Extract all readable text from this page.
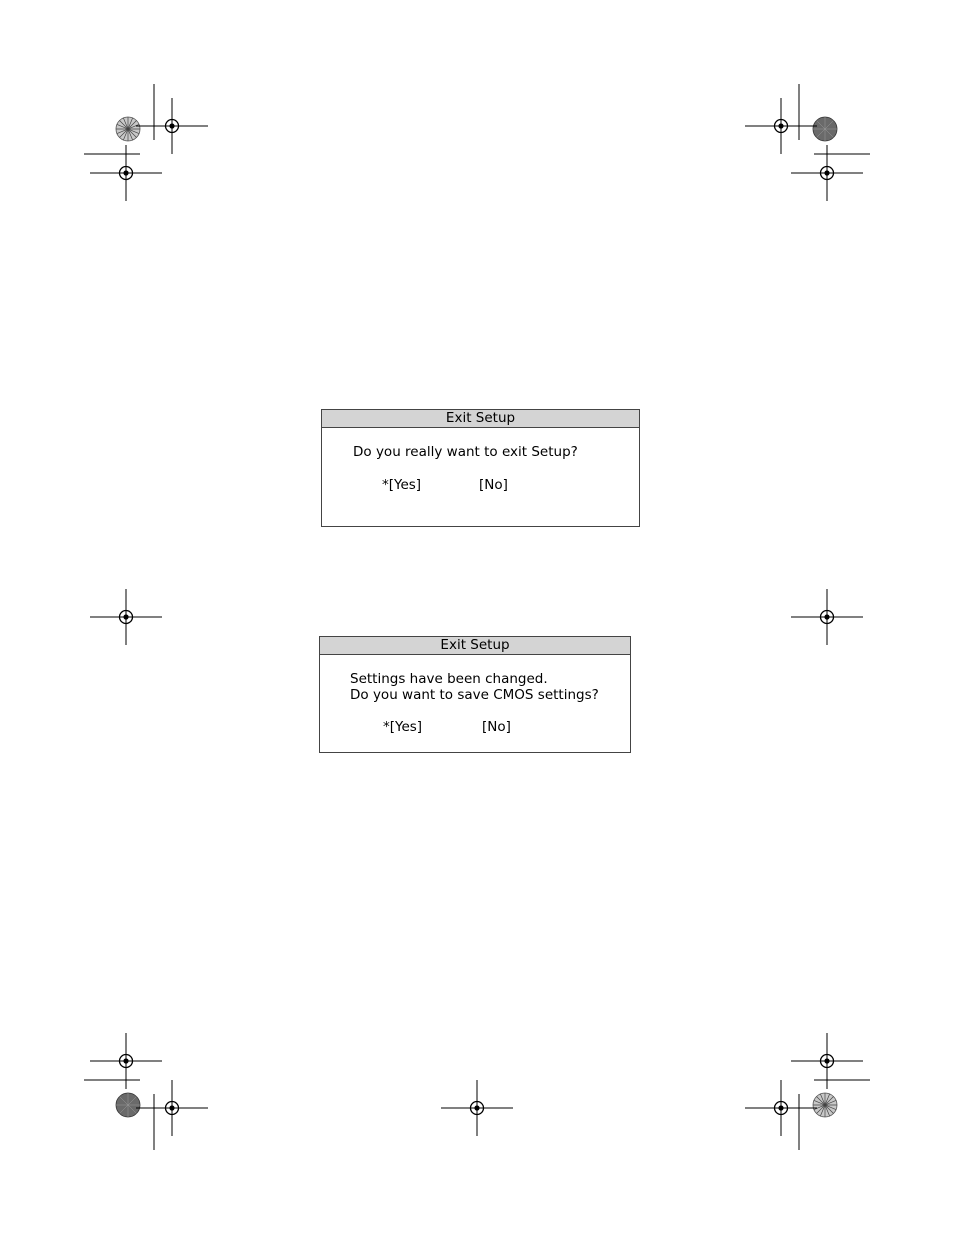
Exit Setup
Do you really want to exit Setup?
*[Yes]	[No]
Exit Setup
Settings have been changed.
Do you want to save CMOS settings?
*[Yes]	[No]
